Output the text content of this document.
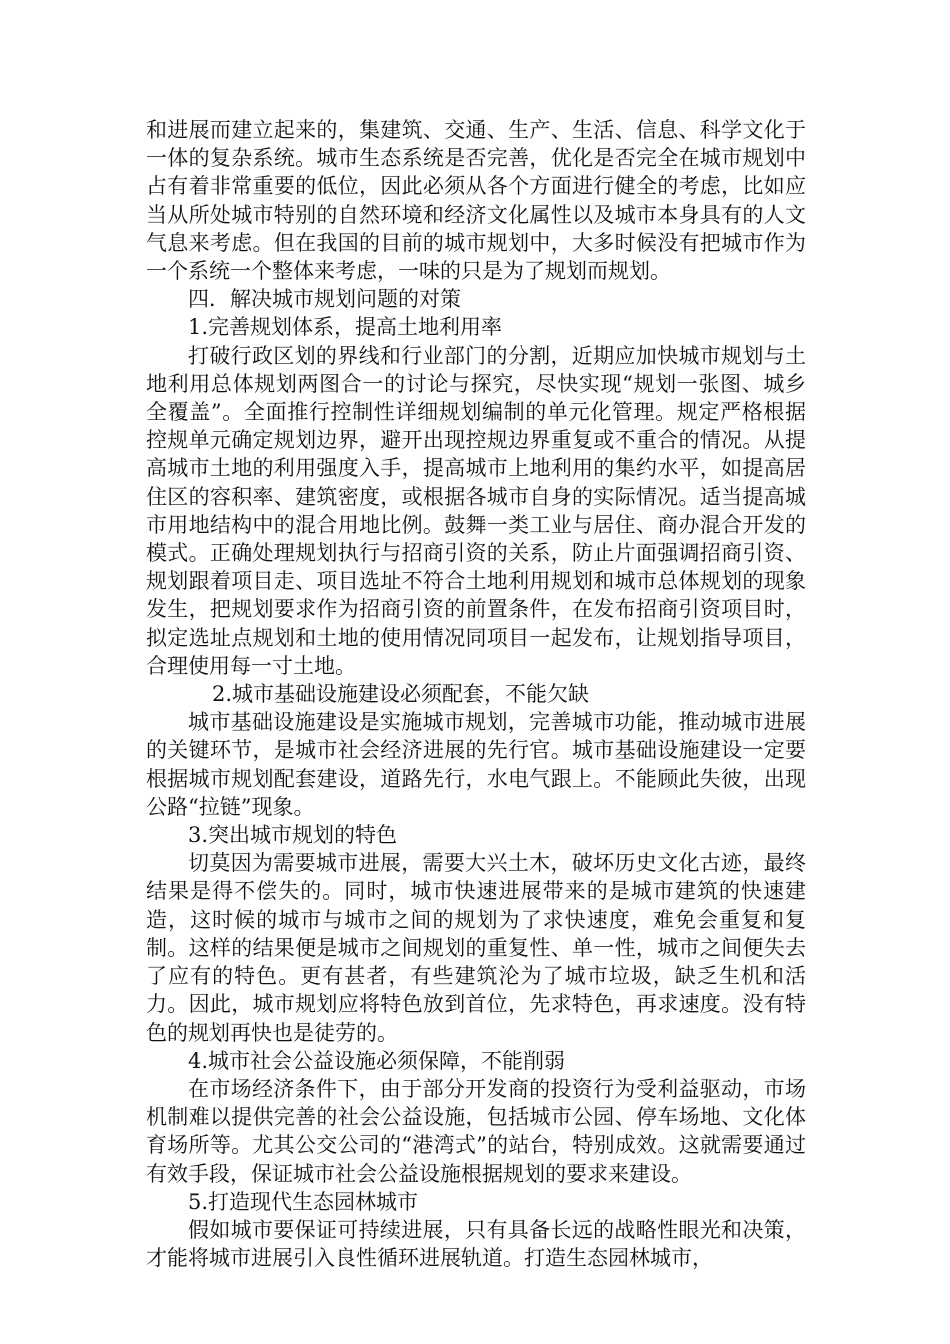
和进展而建立起来的，集建筑、交通、生产、生活、信息、科学文化于一体的复杂系统。城市生态系统是否完善，优化是否完全在城市规划中占有着非常重要的低位，因此必须从各个方面进行健全的考虑，比如应当从所处城市特别的自然环境和经济文化属性以及城市本身具有的人文气息来考虑。但在我国的目前的城市规划中，大多时候没有把城市作为一个系统一个整体来考虑，一味的只是为了规划而规划。

四．解决城市规划问题的对策

1.完善规划体系，提高土地利用率

打破行政区划的界线和行业部门的分割，近期应加快城市规划与土地利用总体规划两图合一的讨论与探究，尽快实现“规划一张图、城乡全覆盖”。全面推行控制性详细规划编制的单元化管理。规定严格根据控规单元确定规划边界，避开出现控规边界重复或不重合的情况。从提高城市土地的利用强度入手，提高城市上地利用的集约水平，如提高居住区的容积率、建筑密度，或根据各城市自身的实际情况。适当提高城市用地结构中的混合用地比例。鼓舞一类工业与居住、商办混合开发的模式。正确处理规划执行与招商引资的关系，防止片面强调招商引资、规划跟着项目走、项目选址不符合土地利用规划和城市总体规划的现象发生，把规划要求作为招商引资的前置条件，在发布招商引资项目时，拟定选址点规划和土地的使用情况同项目一起发布，让规划指导项目，合理使用每一寸土地。

2.城市基础设施建设必须配套，不能欠缺

城市基础设施建设是实施城市规划，完善城市功能，推动城市进展的关键环节，是城市社会经济进展的先行官。城市基础设施建设一定要根据城市规划配套建设，道路先行，水电气跟上。不能顾此失彼，出现公路“拉链”现象。

3.突出城市规划的特色

切莫因为需要城市进展，需要大兴土木，破坏历史文化古迹，最终结果是得不偿失的。同时，城市快速进展带来的是城市建筑的快速建造，这时候的城市与城市之间的规划为了求快速度，难免会重复和复制。这样的结果便是城市之间规划的重复性、单一性，城市之间便失去了应有的特色。更有甚者，有些建筑沦为了城市垃圾，缺乏生机和活力。因此，城市规划应将特色放到首位，先求特色，再求速度。没有特色的规划再快也是徒劳的。

4.城市社会公益设施必须保障，不能削弱

在市场经济条件下，由于部分开发商的投资行为受利益驱动，市场机制难以提供完善的社会公益设施，包括城市公园、停车场地、文化体育场所等。尤其公交公司的“港湾式”的站台，特别成效。这就需要通过有效手段，保证城市社会公益设施根据规划的要求来建设。

5.打造现代生态园林城市

假如城市要保证可持续进展，只有具备长远的战略性眼光和决策，才能将城市进展引入良性循环进展轨道。打造生态园林城市，
